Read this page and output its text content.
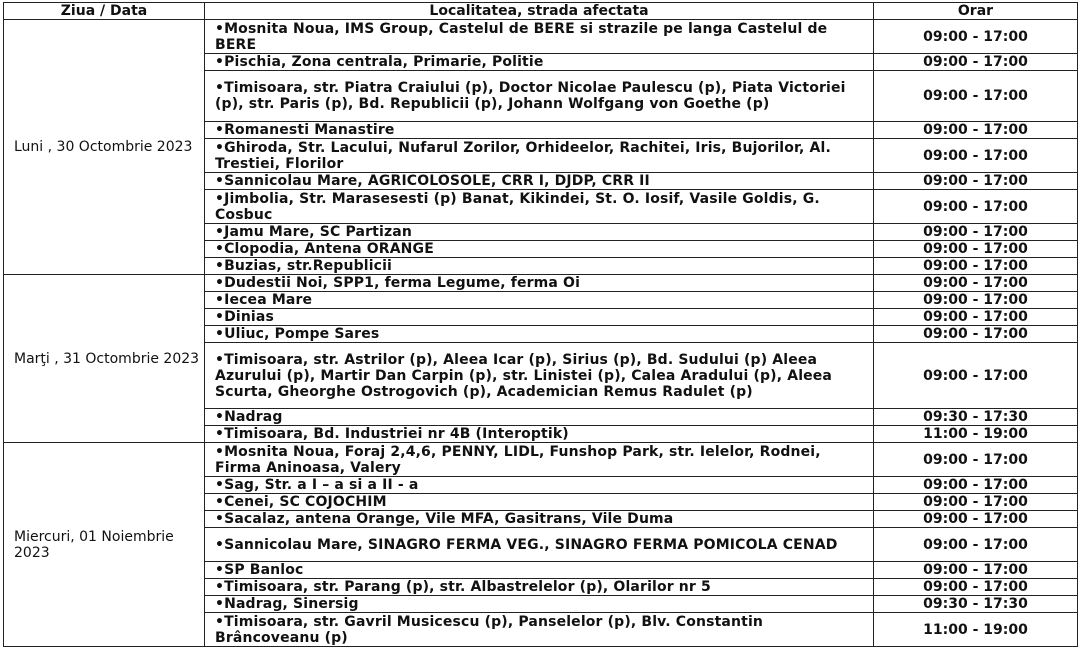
Ziua / Data	Localitatea, strada afectata	Orar
Luni , 30 Octombrie 2023	•Mosnita Noua, IMS Group, Castelul de BERE si strazile pe langa Castelul de BERE	09:00 - 17:00
	•Pischia, Zona centrala, Primarie, Politie	09:00 - 17:00
	•Timisoara, str. Piatra Craiului (p), Doctor Nicolae Paulescu (p), Piata Victoriei (p), str. Paris (p), Bd. Republicii (p), Johann Wolfgang von Goethe (p)	09:00 - 17:00
	•Romanesti Manastire	09:00 - 17:00
	•Ghiroda, Str. Lacului, Nufarul Zorilor, Orhideelor, Rachitei, Iris, Bujorilor, Al. Trestiei, Florilor	09:00 - 17:00
	•Sannicolau Mare, AGRICOLOSOLE, CRR I, DJDP, CRR II	09:00 - 17:00
	•Jimbolia, Str. Marasesesti (p) Banat, Kikindei, St. O. Iosif, Vasile Goldis, G. Cosbuc	09:00 - 17:00
	•Jamu Mare, SC Partizan	09:00 - 17:00
	•Clopodia, Antena ORANGE	09:00 - 17:00
	•Buzias, str.Republicii	09:00 - 17:00
Marţi , 31 Octombrie 2023	•Dudestii Noi, SPP1, ferma Legume, ferma Oi	09:00 - 17:00
	•Iecea Mare	09:00 - 17:00
	•Dinias	09:00 - 17:00
	•Uliuc, Pompe Sares	09:00 - 17:00
	•Timisoara, str. Astrilor (p), Aleea Icar (p), Sirius (p), Bd. Sudului (p) Aleea Azurului (p), Martir Dan Carpin (p), str. Linistei (p), Calea Aradului (p), Aleea Scurta, Gheorghe Ostrogovich (p), Academician Remus Radulet (p)	09:00 - 17:00
	•Nadrag	09:30 - 17:30
	•Timisoara, Bd. Industriei nr 4B (Interoptik)	11:00 - 19:00
Miercuri, 01 Noiembrie 2023	•Mosnita Noua, Foraj 2,4,6, PENNY, LIDL, Funshop Park, str. Ielelor, Rodnei, Firma Aninoasa, Valery	09:00 - 17:00
	•Sag, Str. a I – a si a II - a	09:00 - 17:00
	•Cenei, SC COJOCHIM	09:00 - 17:00
	•Sacalaz, antena Orange, Vile MFA, Gasitrans, Vile Duma	09:00 - 17:00
	•Sannicolau Mare, SINAGRO FERMA VEG., SINAGRO FERMA POMICOLA CENAD	09:00 - 17:00
	•SP Banloc	09:00 - 17:00
	•Timisoara, str. Parang (p), str. Albastrelelor (p), Olarilor nr 5	09:00 - 17:00
	•Nadrag, Sinersig	09:30 - 17:30
	•Timisoara, str. Gavril Musicescu (p), Panselelor (p), Blv. Constantin Brâncoveanu (p)	11:00 - 19:00
